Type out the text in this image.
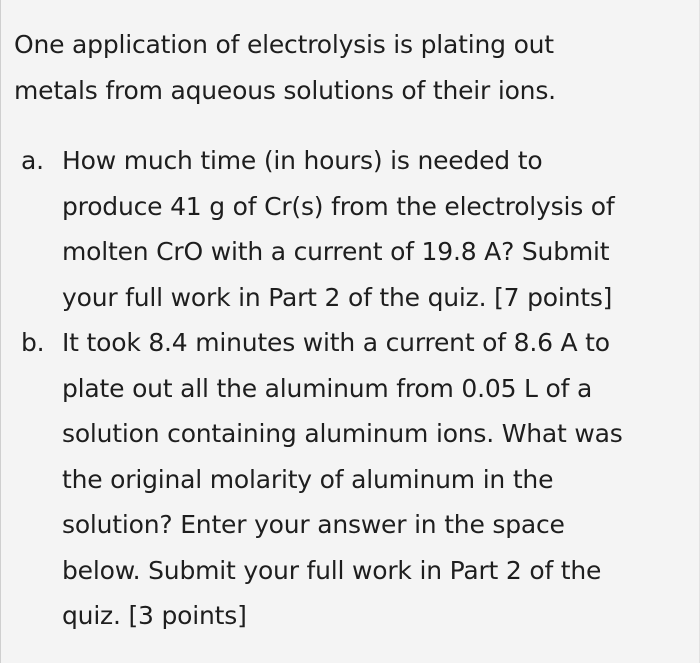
One application of electrolysis is plating out
metals from aqueous solutions of their ions.
a. How much time (in hours) is needed to
produce 41 g of Cr(s) from the electrolysis of
molten CrO with a current of 19.8 A? Submit
your full work in Part 2 of the quiz. [7 points]
b. It took 8.4 minutes with a current of 8.6 A to
plate out all the aluminum from 0.05 L of a
solution containing aluminum ions. What was
the original molarity of aluminum in the
solution? Enter your answer in the space
below. Submit your full work in Part 2 of the
quiz. [3 points]
